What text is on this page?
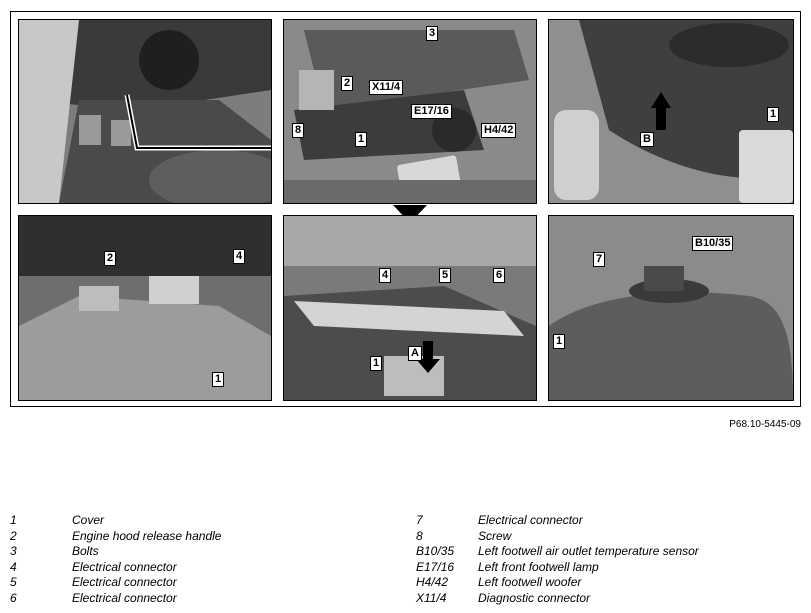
3
2 X11/4
E17/16
8
1
H4/42
1
B
2	4
1
4	5	6
1
A
7
B10/35
1
P68.10-5445-09
1	Cover
2	Engine hood release handle
3	Bolts
4	Electrical connector
5	Electrical connector
6	Electrical connector
7	Electrical connector
8	Screw
B10/35 Left footwell air outlet temperature sensor
E17/16 Left front footwell lamp
H4/42 Left footwell woofer
X11/4	Diagnostic connector
